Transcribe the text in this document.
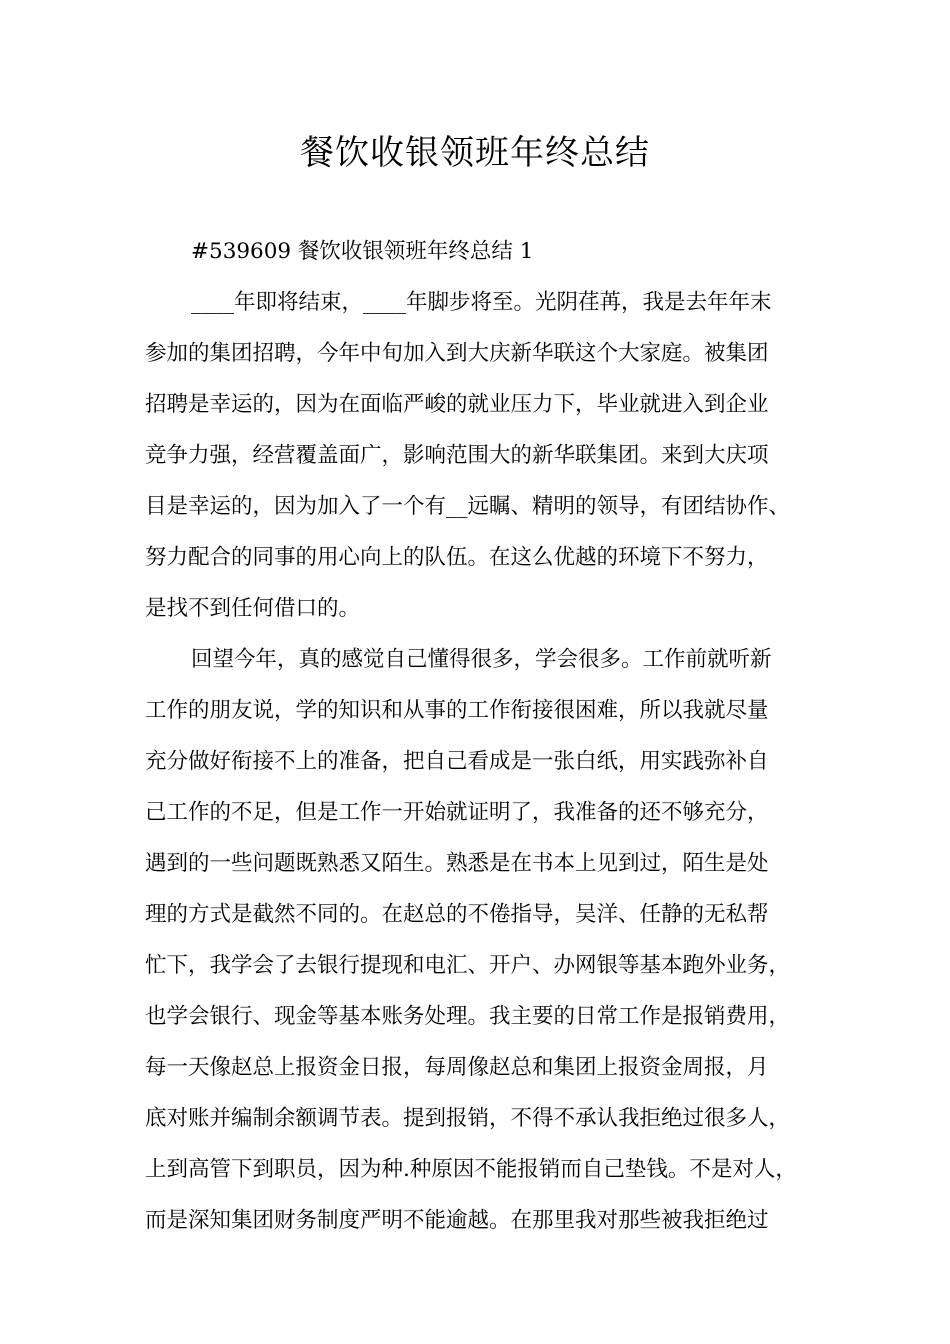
餐饮收银领班年终总结
#539609 餐饮收银领班年终总结 1
____年即将结束，____年脚步将至。光阴荏苒，我是去年年末
参加的集团招聘，今年中旬加入到大庆新华联这个大家庭。被集团
招聘是幸运的，因为在面临严峻的就业压力下，毕业就进入到企业
竞争力强，经营覆盖面广，影响范围大的新华联集团。来到大庆项
目是幸运的，因为加入了一个有__远瞩、精明的领导，有团结协作、
努力配合的同事的用心向上的队伍。在这么优越的环境下不努力，
是找不到任何借口的。
回望今年，真的感觉自己懂得很多，学会很多。工作前就听新
工作的朋友说，学的知识和从事的工作衔接很困难，所以我就尽量
充分做好衔接不上的准备，把自己看成是一张白纸，用实践弥补自
己工作的不足，但是工作一开始就证明了，我准备的还不够充分，
遇到的一些问题既熟悉又陌生。熟悉是在书本上见到过，陌生是处
理的方式是截然不同的。在赵总的不倦指导，吴洋、任静的无私帮
忙下，我学会了去银行提现和电汇、开户、办网银等基本跑外业务，
也学会银行、现金等基本账务处理。我主要的日常工作是报销费用，
每一天像赵总上报资金日报，每周像赵总和集团上报资金周报，月
底对账并编制余额调节表。提到报销，不得不承认我拒绝过很多人，
上到高管下到职员，因为种.种原因不能报销而自己垫钱。不是对人，
而是深知集团财务制度严明不能逾越。在那里我对那些被我拒绝过
